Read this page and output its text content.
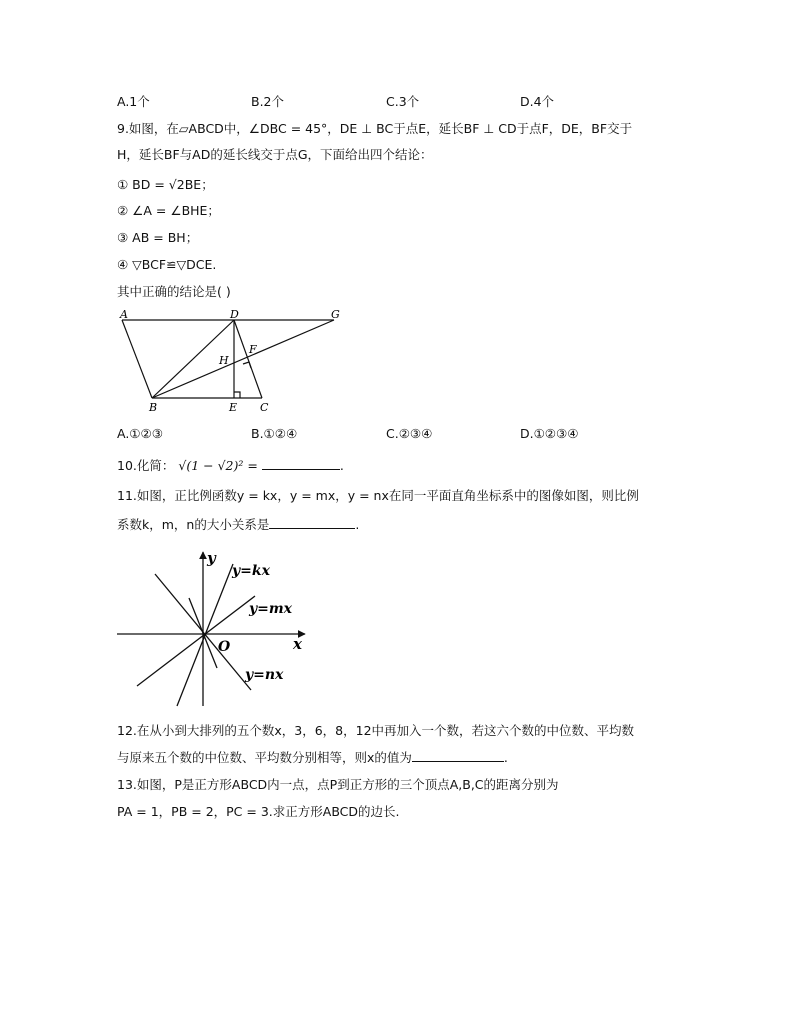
A.1个	B.2个	C.3个	D.4个
9.如图，在▱ABCD中，∠DBC = 45°，DE ⊥ BC于点E，延长BF ⊥ CD于点F，DE，BF交于
H，延长BF与AD的延长线交于点G，下面给出四个结论：
① BD = √2BE；
② ∠A = ∠BHE；
③ AB = BH；
④ ▽BCF≌▽DCE.
其中正确的结论是( )
A	D	G
H
F
B	E C
A.①②③	B.①②④	C.②③④	D.①②③④
10.化简： √(1 − √2)² =	.
11.如图，正比例函数y = kx，y = mx，y = nx在同一平面直角坐标系中的图像如图，则比例
系数k，m，n的大小关系是	.
y
x
O
y=kx
y=mx
y=nx
12.在从小到大排列的五个数x，3，6，8，12中再加入一个数，若这六个数的中位数、平均数
与原来五个数的中位数、平均数分别相等，则x的值为	.
13.如图，P是正方形ABCD内一点，点P到正方形的三个顶点A,B,C的距离分别为
PA = 1，PB = 2，PC = 3.求正方形ABCD的边长.
